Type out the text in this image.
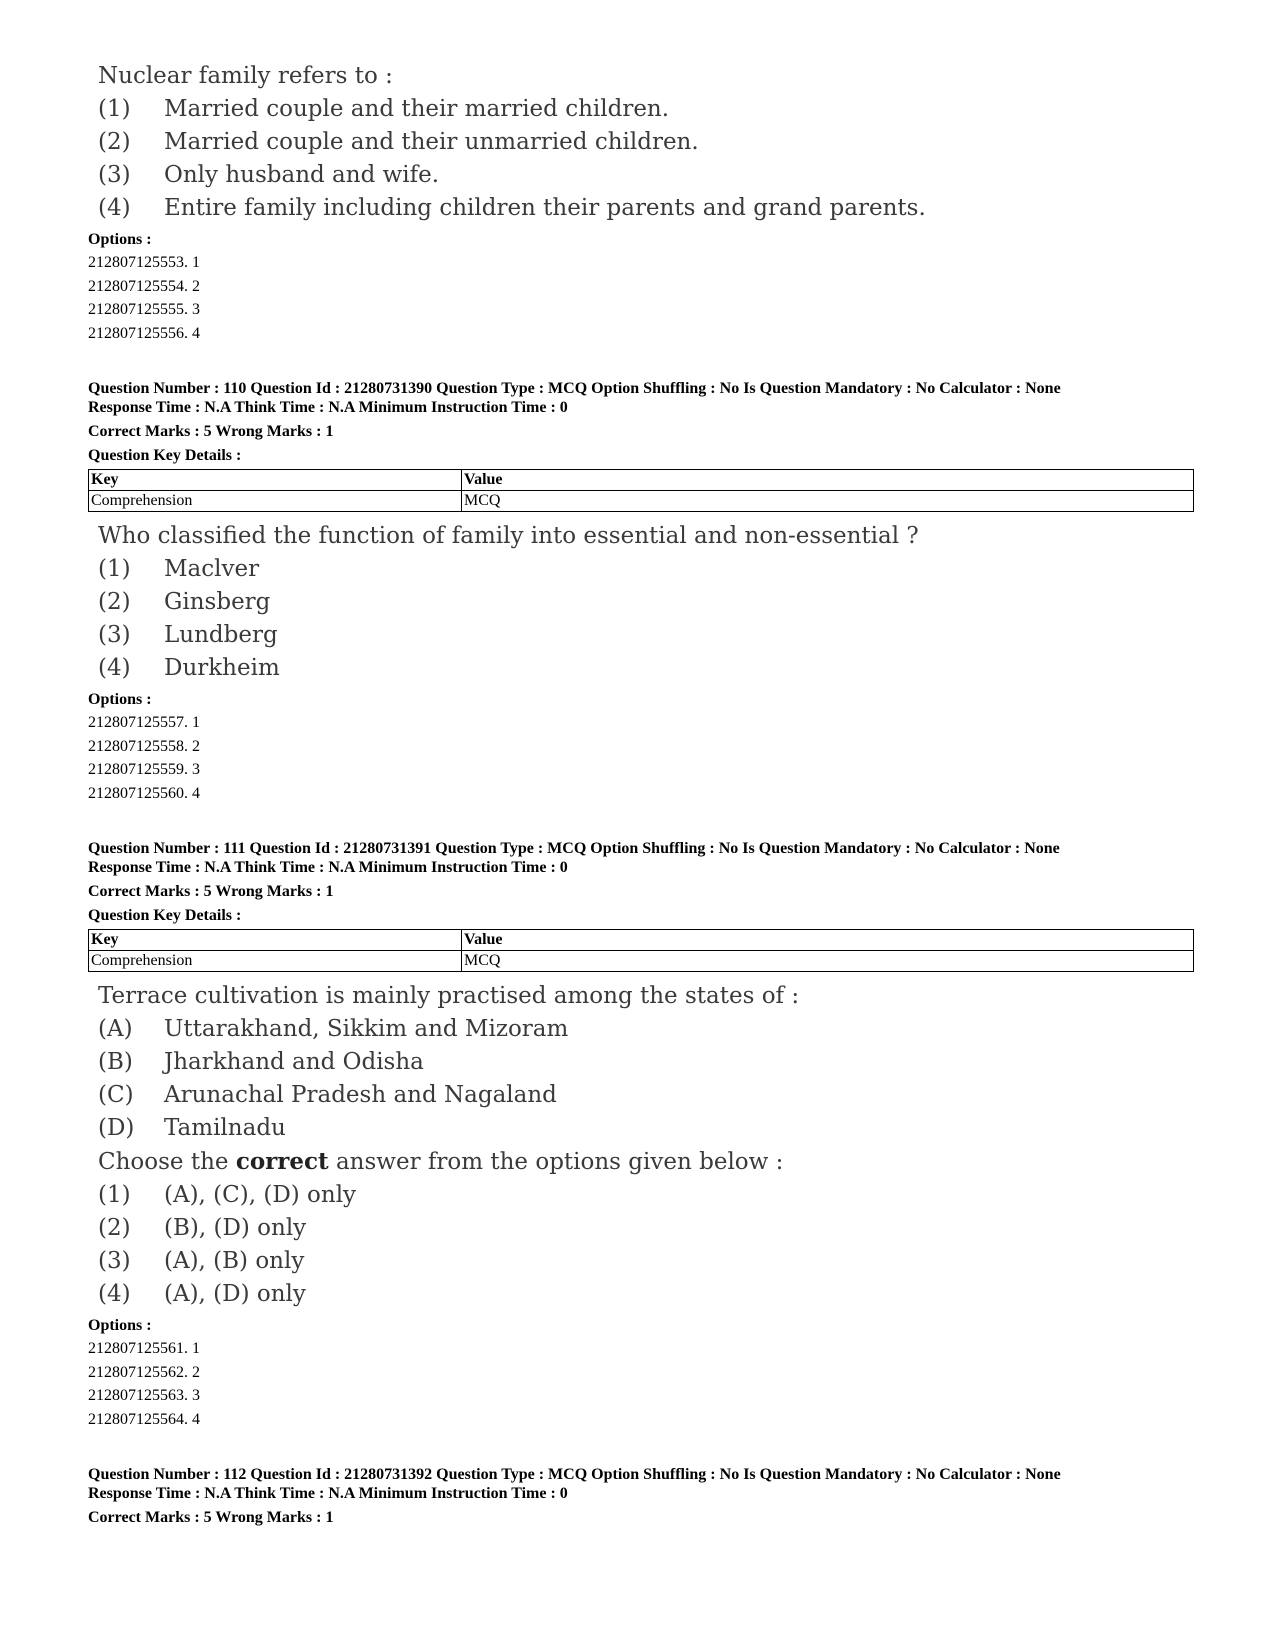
Nuclear family refers to :
(1)	Married couple and their married children.
(2)	Married couple and their unmarried children.
(3)	Only husband and wife.
(4)	Entire family including children their parents and grand parents.
Options :
212807125553. 1
212807125554. 2
212807125555. 3
212807125556. 4
Question Number : 110 Question Id : 21280731390 Question Type : MCQ Option Shuffling : No Is Question Mandatory : No Calculator : None
Response Time : N.A Think Time : N.A Minimum Instruction Time : 0
Correct Marks : 5 Wrong Marks : 1
Question Key Details :
Key	Value
Comprehension	MCQ
Who classified the function of family into essential and non-essential ?
(1)	Maclver
(2)	Ginsberg
(3)	Lundberg
(4)	Durkheim
Options :
212807125557. 1
212807125558. 2
212807125559. 3
212807125560. 4
Question Number : 111 Question Id : 21280731391 Question Type : MCQ Option Shuffling : No Is Question Mandatory : No Calculator : None
Response Time : N.A Think Time : N.A Minimum Instruction Time : 0
Correct Marks : 5 Wrong Marks : 1
Question Key Details :
Key	Value
Comprehension	MCQ
Terrace cultivation is mainly practised among the states of :
(A)	Uttarakhand, Sikkim and Mizoram
(B)	Jharkhand and Odisha
(C)	Arunachal Pradesh and Nagaland
(D)	Tamilnadu
Choose the correct answer from the options given below :
(1)	(A), (C), (D) only
(2)	(B), (D) only
(3)	(A), (B) only
(4)	(A), (D) only
Options :
212807125561. 1
212807125562. 2
212807125563. 3
212807125564. 4
Question Number : 112 Question Id : 21280731392 Question Type : MCQ Option Shuffling : No Is Question Mandatory : No Calculator : None
Response Time : N.A Think Time : N.A Minimum Instruction Time : 0
Correct Marks : 5 Wrong Marks : 1
